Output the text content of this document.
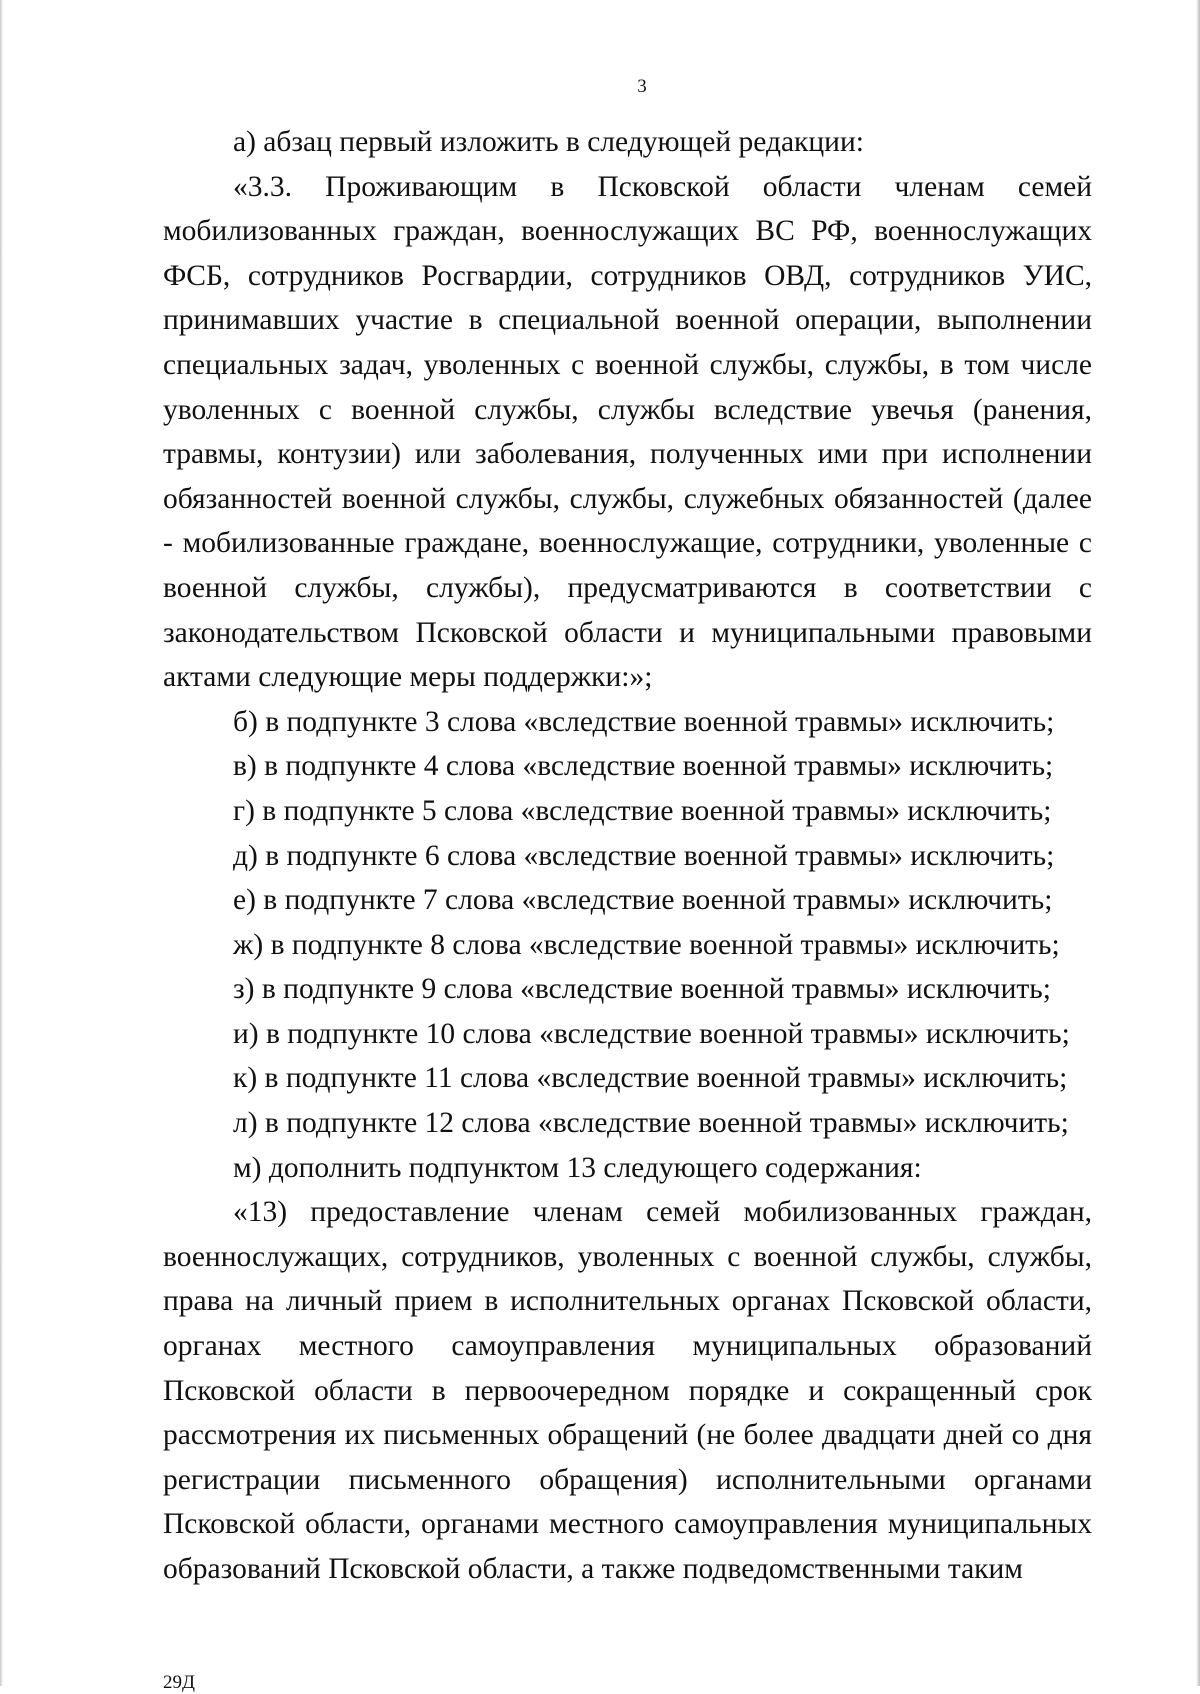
3

а) абзац первый изложить в следующей редакции:

«3.3. Проживающим в Псковской области членам семей мобилизованных граждан, военнослужащих ВС РФ, военнослужащих ФСБ, сотрудников Росгвардии, сотрудников ОВД, сотрудников УИС, принимавших участие в специальной военной операции, выполнении специальных задач, уволенных с военной службы, службы, в том числе уволенных с военной службы, службы вследствие увечья (ранения, травмы, контузии) или заболевания, полученных ими при исполнении обязанностей военной службы, службы, служебных обязанностей (далее - мобилизованные граждане, военнослужащие, сотрудники, уволенные с военной службы, службы), предусматриваются в соответствии с законодательством Псковской области и муниципальными правовыми актами следующие меры поддержки:»;

б) в подпункте 3 слова «вследствие военной травмы» исключить;

в) в подпункте 4 слова «вследствие военной травмы» исключить;

г) в подпункте 5 слова «вследствие военной травмы» исключить;

д) в подпункте 6 слова «вследствие военной травмы» исключить;

е) в подпункте 7 слова «вследствие военной травмы» исключить;

ж) в подпункте 8 слова «вследствие военной травмы» исключить;

з) в подпункте 9 слова «вследствие военной травмы» исключить;

и) в подпункте 10 слова «вследствие военной травмы» исключить;

к) в подпункте 11 слова «вследствие военной травмы» исключить;

л) в подпункте 12 слова «вследствие военной травмы» исключить;

м) дополнить подпунктом 13 следующего содержания:

«13) предоставление членам семей мобилизованных граждан, военнослужащих, сотрудников, уволенных с военной службы, службы, права на личный прием в исполнительных органах Псковской области, органах местного самоуправления муниципальных образований Псковской области в первоочередном порядке и сокращенный срок рассмотрения их письменных обращений (не более двадцати дней со дня регистрации письменного обращения) исполнительными органами Псковской области, органами местного самоуправления муниципальных образований Псковской области, а также подведомственными таким

29Д
